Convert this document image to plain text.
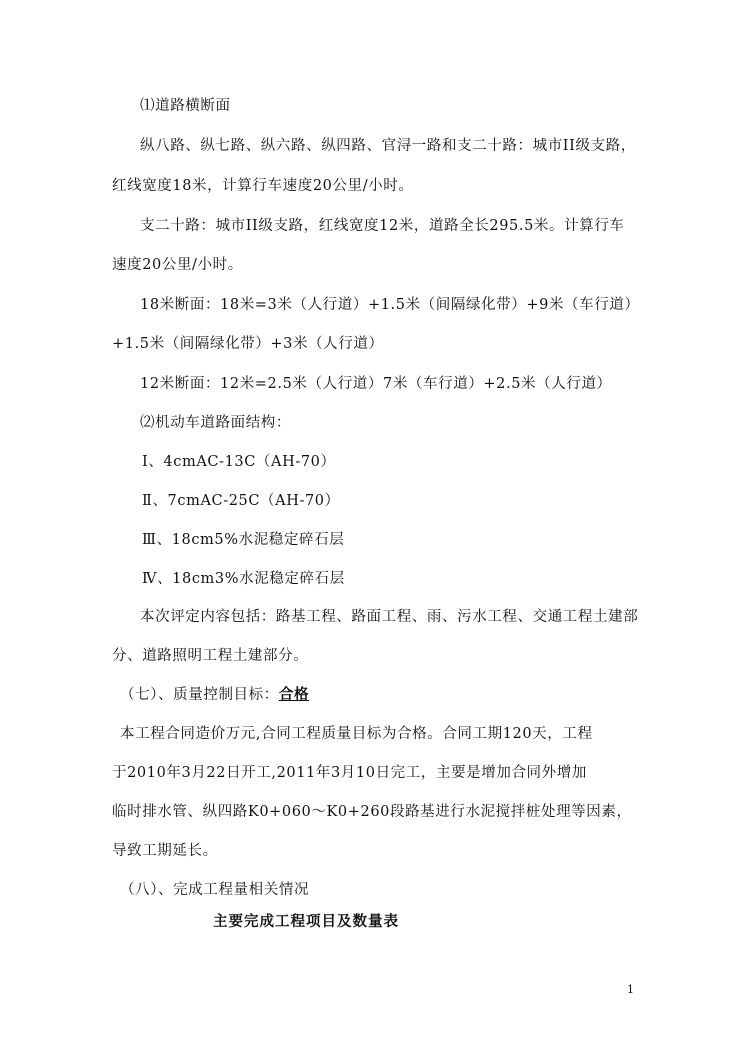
⑴道路横断面
纵八路、纵七路、纵六路、纵四路、官浔一路和支二十路：城市II级支路，
红线宽度18米，计算行车速度20公里/小时。
支二十路：城市II级支路，红线宽度12米，道路全长295.5米。计算行车
速度20公里/小时。
18米断面：18米=3米（人行道）+1.5米（间隔绿化带）+9米（车行道）
+1.5米（间隔绿化带）+3米（人行道）
12米断面：12米=2.5米（人行道）7米（车行道）+2.5米（人行道）
⑵机动车道路面结构：
Ⅰ、4cmAC-13C（AH-70）
Ⅱ、7cmAC-25C（AH-70）
Ⅲ、18cm5%水泥稳定碎石层
Ⅳ、18cm3%水泥稳定碎石层
本次评定内容包括：路基工程、路面工程、雨、污水工程、交通工程土建部
分、道路照明工程土建部分。
（七）、质量控制目标：合格
本工程合同造价万元,合同工程质量目标为合格。合同工期120天，工程
于2010年3月22日开工,2011年3月10日完工，主要是增加合同外增加
临时排水管、纵四路K0+060～K0+260段路基进行水泥搅拌桩处理等因素，
导致工期延长。
（八）、完成工程量相关情况
主要完成工程项目及数量表
1
